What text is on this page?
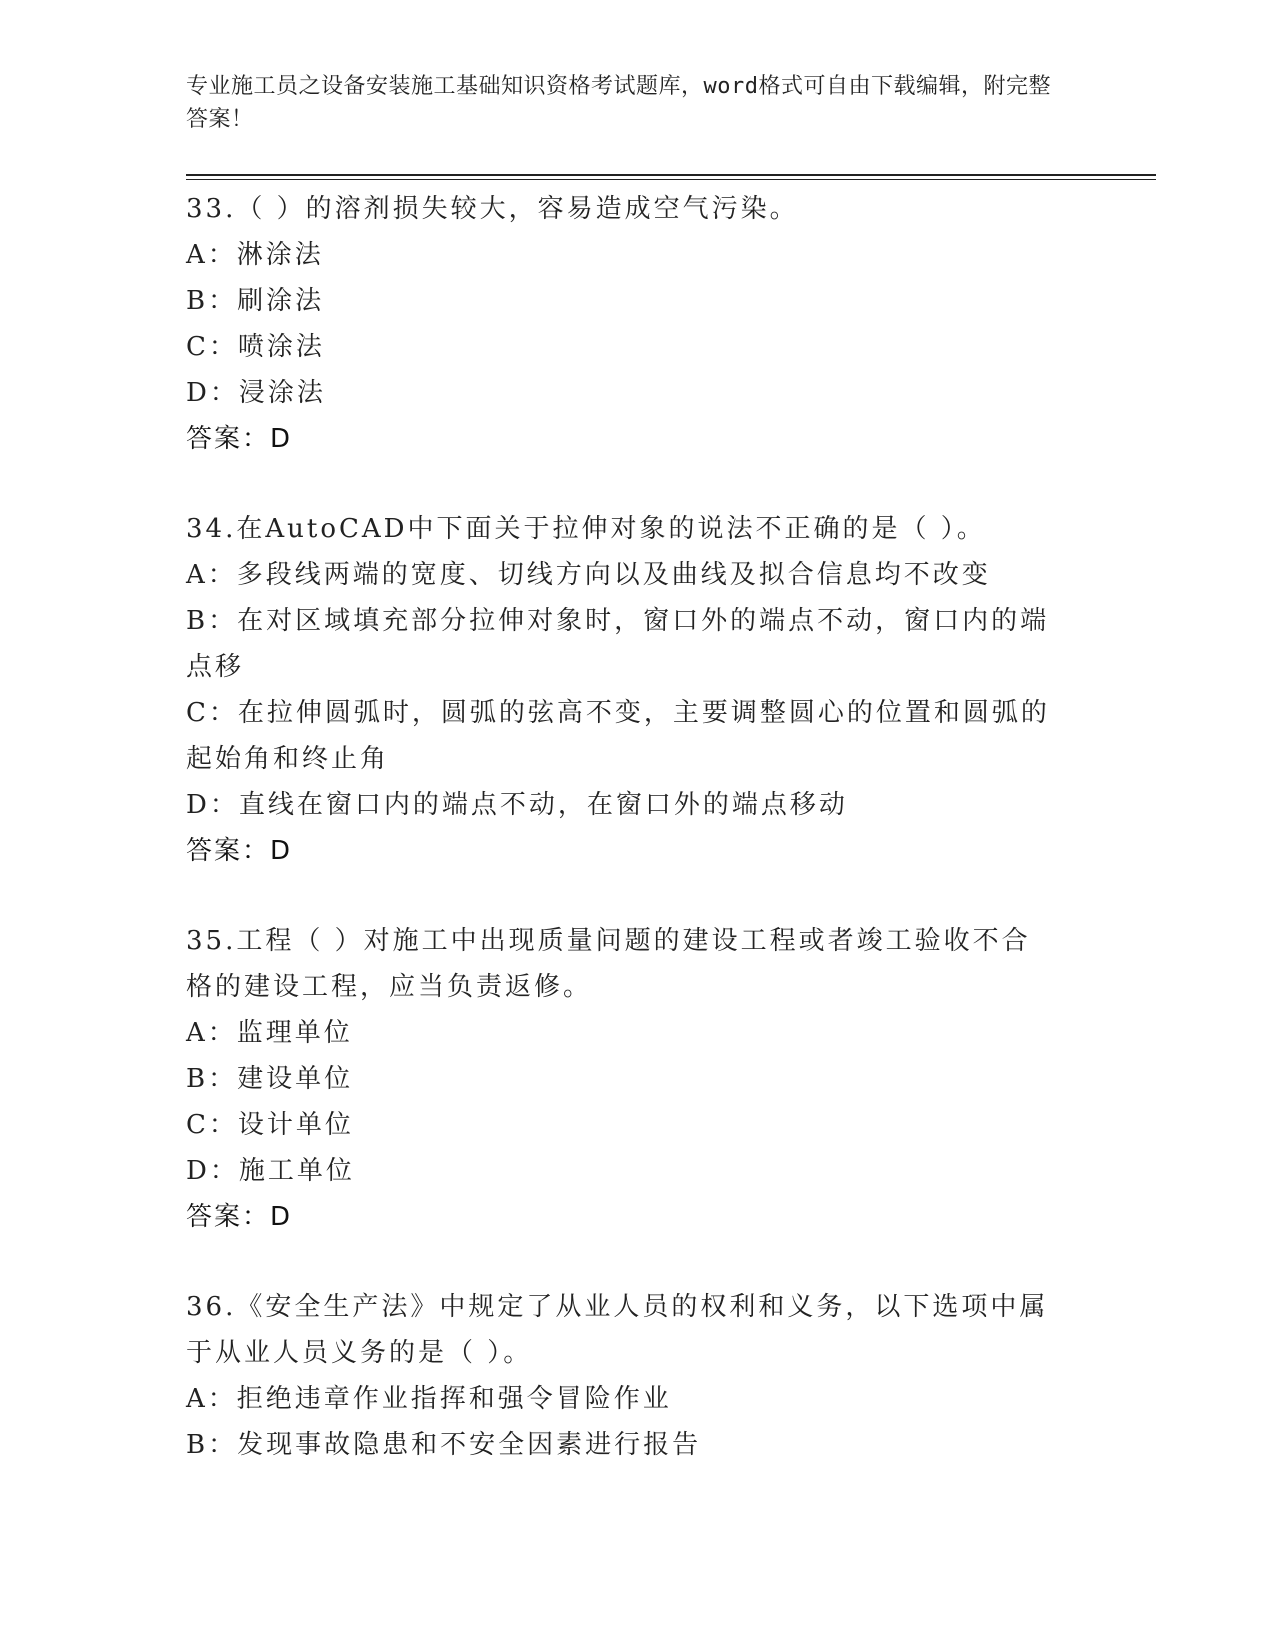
专业施工员之设备安装施工基础知识资格考试题库，word格式可自由下载编辑，附完整答案！
33.（ ）的溶剂损失较大，容易造成空气污染。
A：淋涂法
B：刷涂法
C：喷涂法
D：浸涂法
答案：D
34.在AutoCAD中下面关于拉伸对象的说法不正确的是（ ）。
A：多段线两端的宽度、切线方向以及曲线及拟合信息均不改变
B：在对区域填充部分拉伸对象时，窗口外的端点不动，窗口内的端点移
C：在拉伸圆弧时，圆弧的弦高不变，主要调整圆心的位置和圆弧的起始角和终止角
D：直线在窗口内的端点不动，在窗口外的端点移动
答案：D
35.工程（ ）对施工中出现质量问题的建设工程或者竣工验收不合格的建设工程，应当负责返修。
A：监理单位
B：建设单位
C：设计单位
D：施工单位
答案：D
36.《安全生产法》中规定了从业人员的权利和义务，以下选项中属于从业人员义务的是（ ）。
A：拒绝违章作业指挥和强令冒险作业
B：发现事故隐患和不安全因素进行报告
